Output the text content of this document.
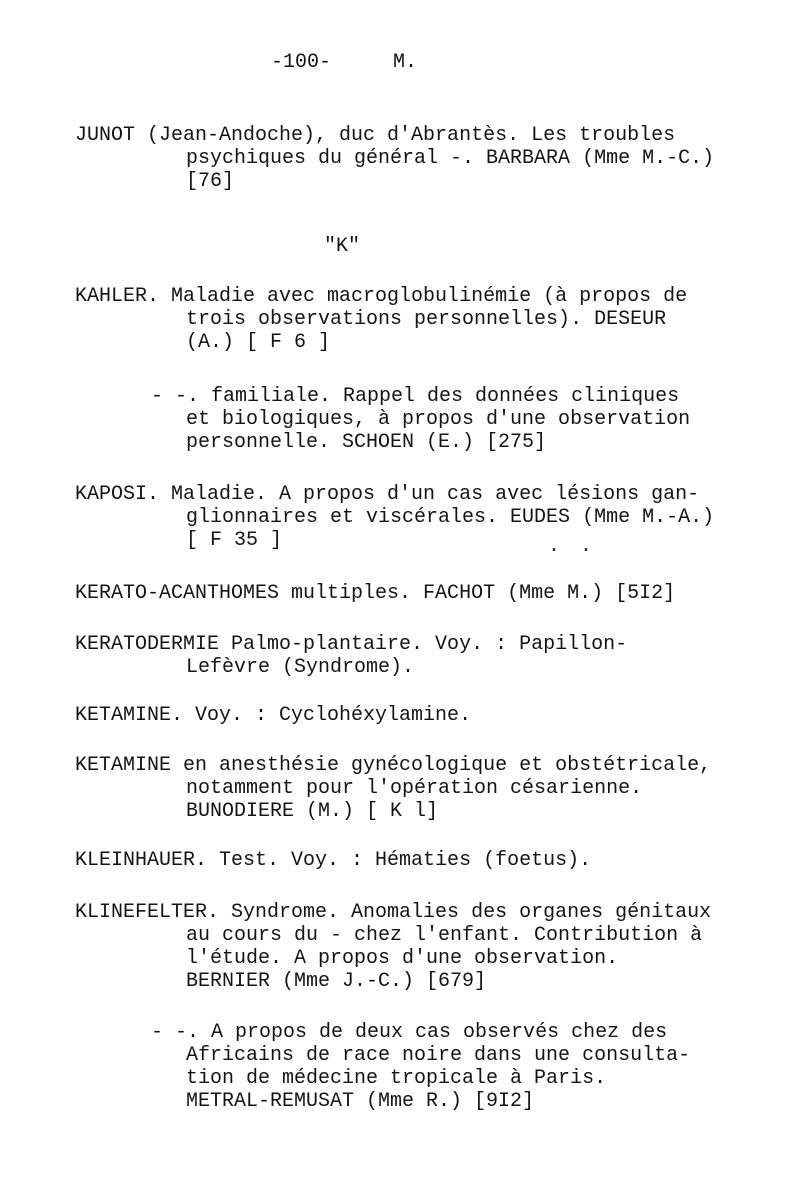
-100-	M.
JUNOT (Jean-Andoche), duc d'Abrantès. Les troubles
psychiques du général -. BARBARA (Mme M.-C.)
[76]
"K"
KAHLER. Maladie avec macroglobulinémie (à propos de
trois observations personnelles). DESEUR
(A.) [ F 6 ]
- -. familiale. Rappel des données cliniques
et biologiques, à propos d'une observation
personnelle. SCHOEN (E.) [275]
KAPOSI. Maladie. A propos d'un cas avec lésions gan-
glionnaires et viscérales. EUDES (Mme M.-A.)
[ F 35 ]	. .
KERATO-ACANTHOMES multiples. FACHOT (Mme M.) [5I2]
KERATODERMIE Palmo-plantaire. Voy. : Papillon-
Lefèvre (Syndrome).
KETAMINE. Voy. : Cyclohéxylamine.
KETAMINE en anesthésie gynécologique et obstétricale,
notamment pour l'opération césarienne.
BUNODIERE (M.) [ K l]
KLEINHAUER. Test. Voy. : Hématies (foetus).
KLINEFELTER. Syndrome. Anomalies des organes génitaux
au cours du - chez l'enfant. Contribution à
l'étude. A propos d'une observation.
BERNIER (Mme J.-C.) [679]
- -. A propos de deux cas observés chez des
Africains de race noire dans une consulta-
tion de médecine tropicale à Paris.
METRAL-REMUSAT (Mme R.) [9I2]
